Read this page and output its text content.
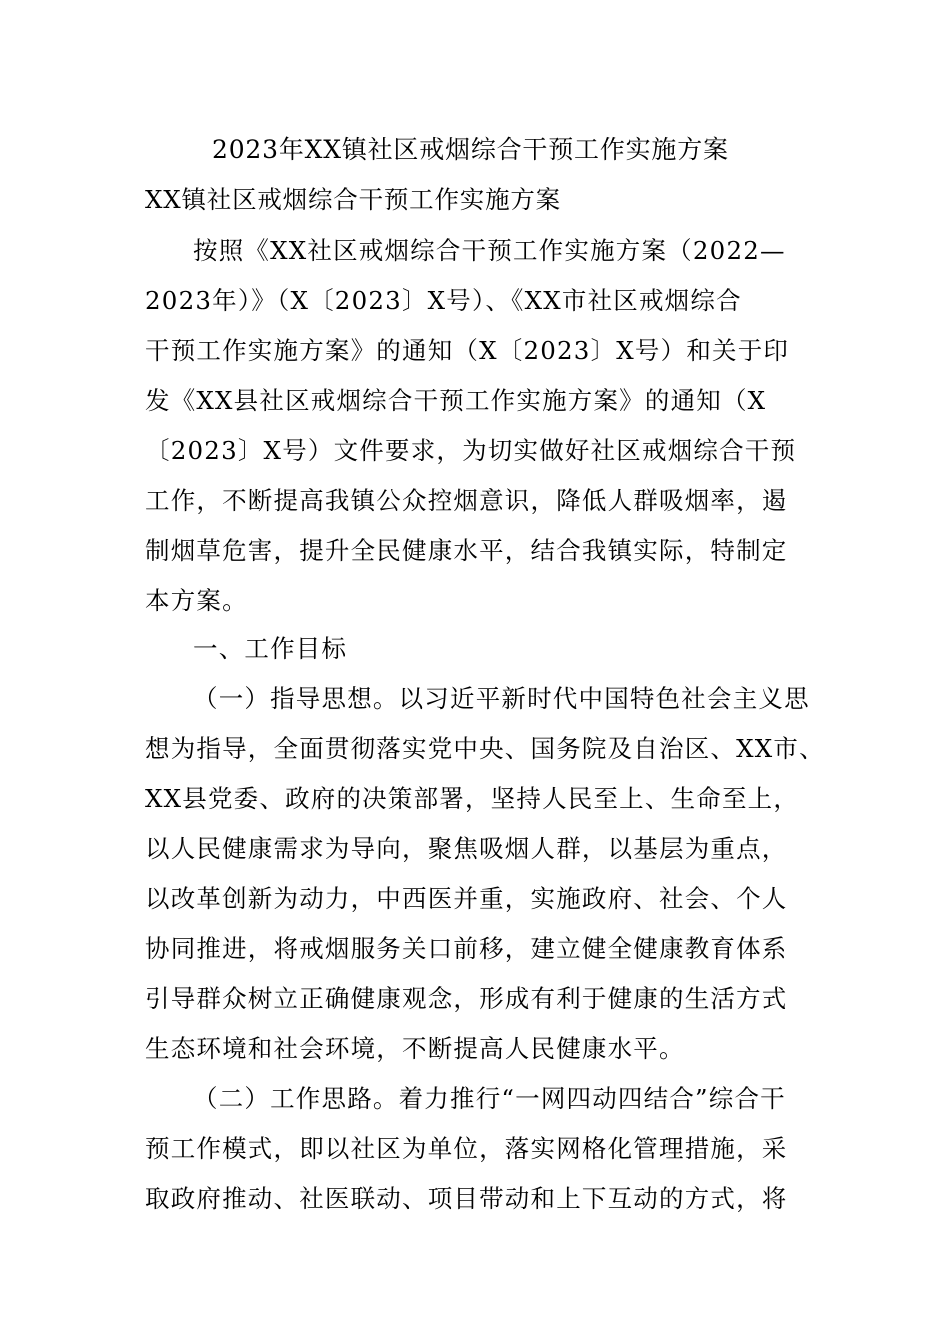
2023年XX镇社区戒烟综合干预工作实施方案
XX镇社区戒烟综合干预工作实施方案
按照《XX社区戒烟综合干预工作实施方案（2022—
2023年）》（X〔2023〕X号）、《XX市社区戒烟综合
干预工作实施方案》的通知（X〔2023〕X号）和关于印
发《XX县社区戒烟综合干预工作实施方案》的通知（X
〔2023〕X号）文件要求，为切实做好社区戒烟综合干预
工作，不断提高我镇公众控烟意识，降低人群吸烟率，遏
制烟草危害，提升全民健康水平，结合我镇实际，特制定
本方案。
一、工作目标
（一）指导思想。以习近平新时代中国特色社会主义思
想为指导，全面贯彻落实党中央、国务院及自治区、XX市、
XX县党委、政府的决策部署，坚持人民至上、生命至上，
以人民健康需求为导向，聚焦吸烟人群，以基层为重点，
以改革创新为动力，中西医并重，实施政府、社会、个人
协同推进，将戒烟服务关口前移，建立健全健康教育体系
引导群众树立正确健康观念，形成有利于健康的生活方式
生态环境和社会环境，不断提高人民健康水平。
（二）工作思路。着力推行“一网四动四结合”综合干
预工作模式，即以社区为单位，落实网格化管理措施，采
取政府推动、社医联动、项目带动和上下互动的方式，将
